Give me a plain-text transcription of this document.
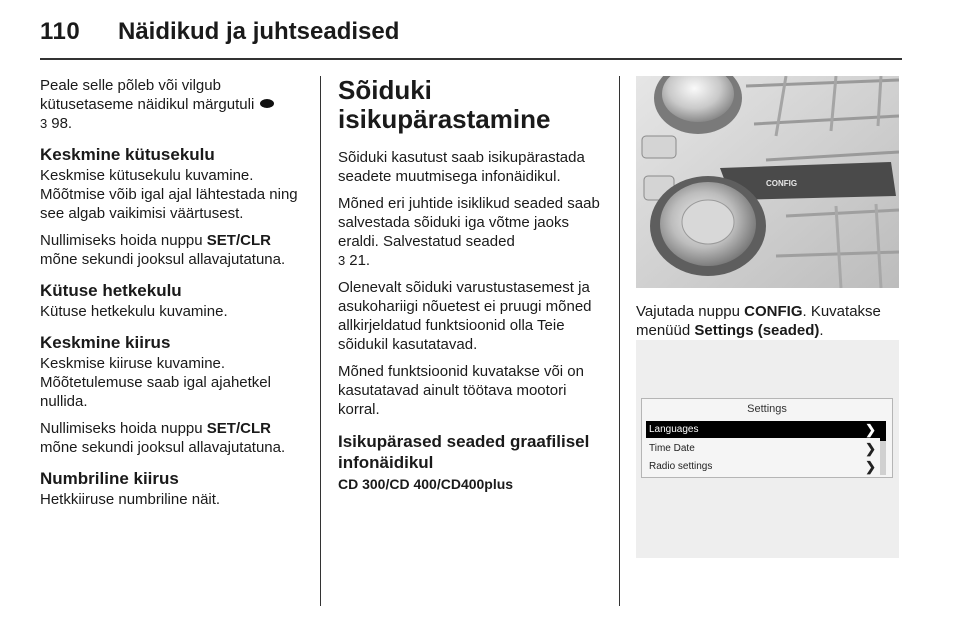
110 Näidikud ja juhtseadised

Peale selle põleb või vilgub kütusetaseme näidikul märgutuli
3 98.

Keskmine kütusekulu

Keskmise kütusekulu kuvamine. Mõõtmise võib igal ajal lähtestada ning see algab vaikimisi väärtusest.

Nullimiseks hoida nuppu SET/CLR mõne sekundi jooksul allavajutatuna.

Kütuse hetkekulu

Kütuse hetkekulu kuvamine.

Keskmine kiirus

Keskmise kiiruse kuvamine. Mõõtetulemuse saab igal ajahetkel nullida.

Nullimiseks hoida nuppu SET/CLR mõne sekundi jooksul allavajutatuna.

Numbriline kiirus

Hetkkiiruse numbriline näit.

Sõiduki isikupärastamine

Sõiduki kasutust saab isikupärastada seadete muutmisega infonäidikul.

Mõned eri juhtide isiklikud seaded saab salvestada sõiduki iga võtme jaoks eraldi. Salvestatud seaded
3 21.

Olenevalt sõiduki varustustasemest ja asukohariigi nõuetest ei pruugi mõned allkirjeldatud funktsioonid olla Teie sõidukil kasutatavad.

Mõned funktsioonid kuvatakse või on kasutatavad ainult töötava mootori korral.

Isikupärased seaded graafilisel infonäidikul
CD 300/CD 400/CD400plus
CONFIG
Vajutada nuppu CONFIG. Kuvatakse menüüd Settings (seaded).
Settings
Languages	❯
Time Date	❯
Radio settings	❯
